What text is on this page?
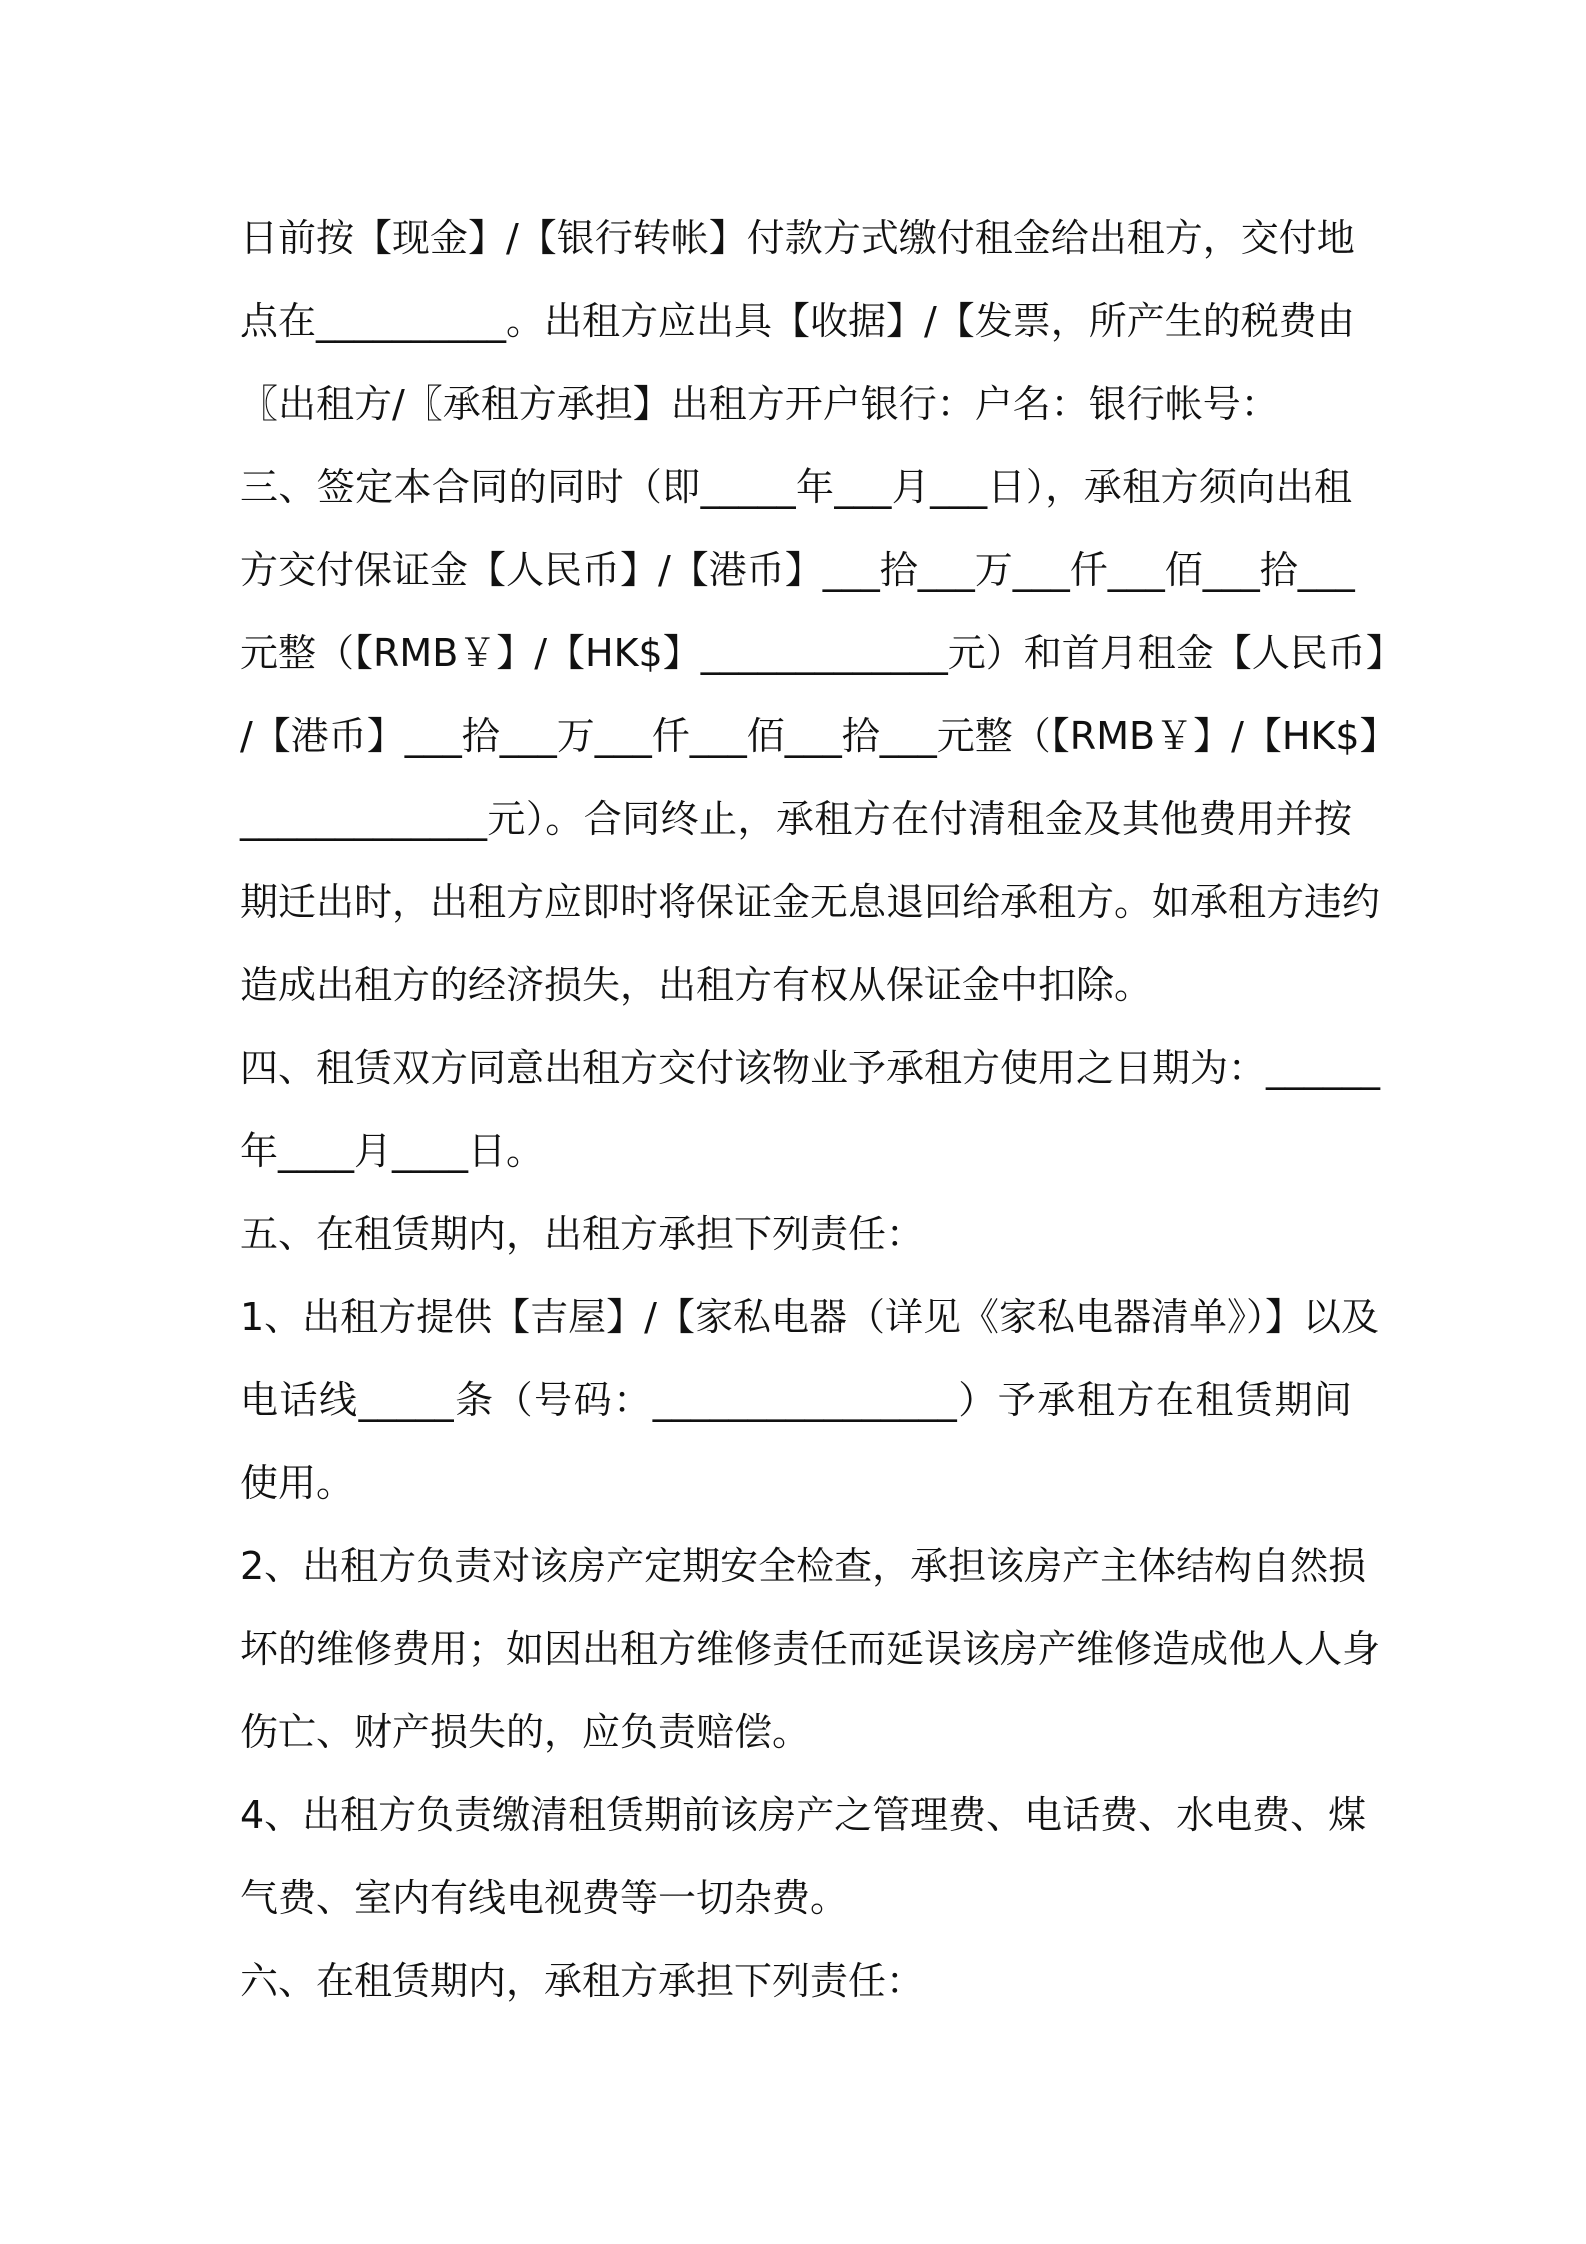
日前按【现金】/【银行转帐】付款方式缴付租金给出租方，交付地
点在__________。出租方应出具【收据】/【发票，所产生的税费由
〖出租方/〖承租方承担】出租方开户银行：户名：银行帐号：
三、签定本合同的同时（即_____年___月___日），承租方须向出租
方交付保证金【人民币】/【港币】___拾___万___仟___佰___拾___
元整（【RMB￥】/【HK$】_____________元）和首月租金【人民币】
/【港币】___拾___万___仟___佰___拾___元整（【RMB￥】/【HK$】
_____________元）。合同终止，承租方在付清租金及其他费用并按
期迁出时，出租方应即时将保证金无息退回给承租方。如承租方违约
造成出租方的经济损失，出租方有权从保证金中扣除。
四、租赁双方同意出租方交付该物业予承租方使用之日期为：______
年____月____日。
五、在租赁期内，出租方承担下列责任：
1、出租方提供【吉屋】/【家私电器（详见《家私电器清单》）】以及
电话线_____条（号码：________________）予承租方在租赁期间
使用。
2、出租方负责对该房产定期安全检查，承担该房产主体结构自然损
坏的维修费用；如因出租方维修责任而延误该房产维修造成他人人身
伤亡、财产损失的，应负责赔偿。
4、出租方负责缴清租赁期前该房产之管理费、电话费、水电费、煤
气费、室内有线电视费等一切杂费。
六、在租赁期内，承租方承担下列责任：
